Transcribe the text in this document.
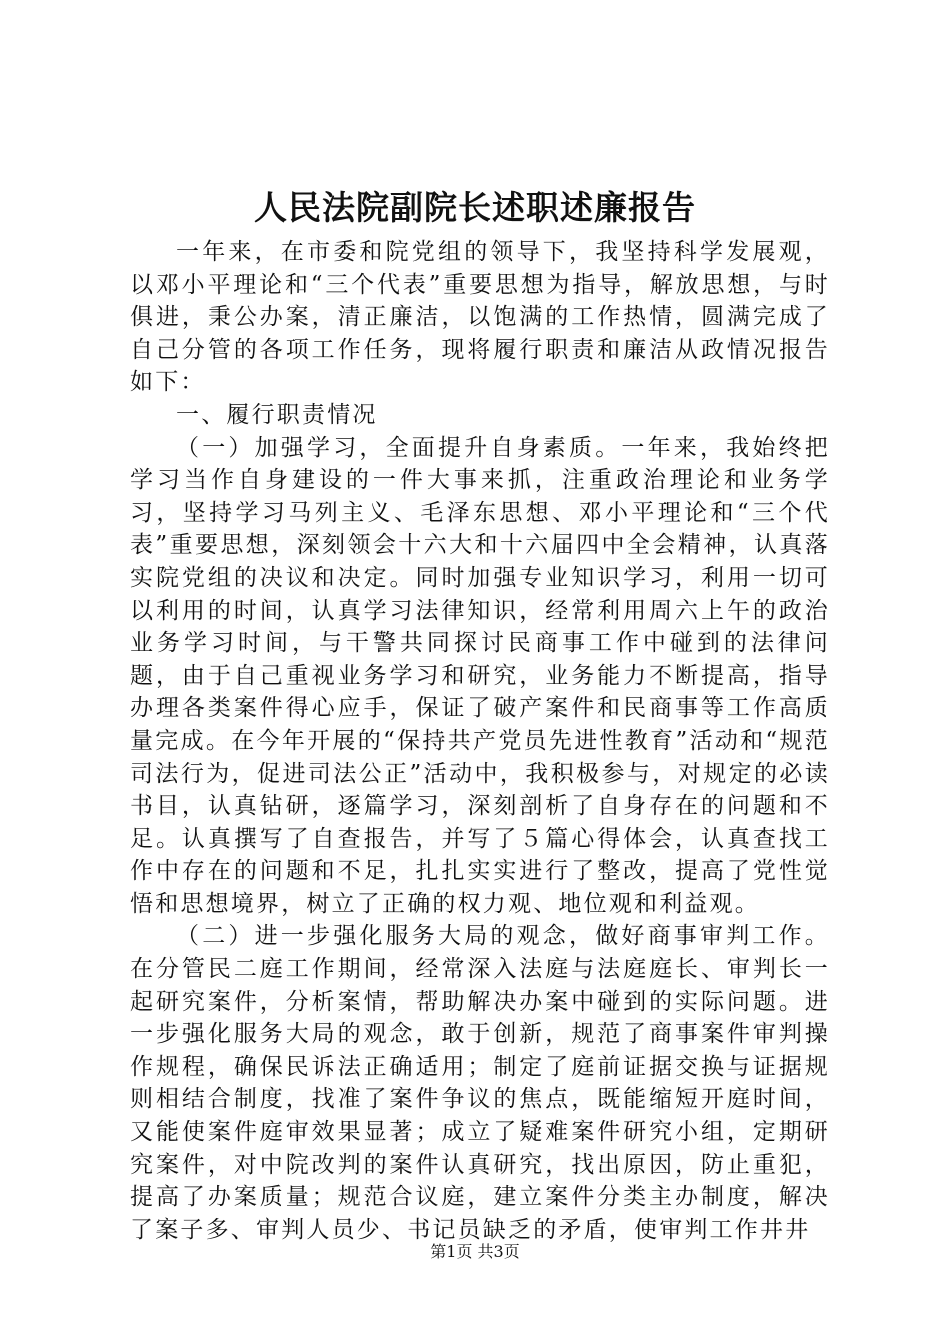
人民法院副院长述职述廉报告

一年来，在市委和院党组的领导下，我坚持科学发展观，以邓小平理论和“三个代表”重要思想为指导，解放思想，与时俱进，秉公办案，清正廉洁，以饱满的工作热情，圆满完成了自己分管的各项工作任务，现将履行职责和廉洁从政情况报告如下：

一、履行职责情况

（一）加强学习，全面提升自身素质。一年来，我始终把学习当作自身建设的一件大事来抓，注重政治理论和业务学习，坚持学习马列主义、毛泽东思想、邓小平理论和“三个代表”重要思想，深刻领会十六大和十六届四中全会精神，认真落实院党组的决议和决定。同时加强专业知识学习，利用一切可以利用的时间，认真学习法律知识，经常利用周六上午的政治业务学习时间，与干警共同探讨民商事工作中碰到的法律问题，由于自己重视业务学习和研究，业务能力不断提高，指导办理各类案件得心应手，保证了破产案件和民商事等工作高质量完成。在今年开展的“保持共产党员先进性教育”活动和“规范司法行为，促进司法公正”活动中，我积极参与，对规定的必读书目，认真钻研，逐篇学习，深刻剖析了自身存在的问题和不足。认真撰写了自查报告，并写了５篇心得体会，认真查找工作中存在的问题和不足，扎扎实实进行了整改，提高了党性觉悟和思想境界，树立了正确的权力观、地位观和利益观。

（二）进一步强化服务大局的观念，做好商事审判工作。在分管民二庭工作期间，经常深入法庭与法庭庭长、审判长一起研究案件，分析案情，帮助解决办案中碰到的实际问题。进一步强化服务大局的观念，敢于创新，规范了商事案件审判操作规程，确保民诉法正确适用；制定了庭前证据交换与证据规则相结合制度，找准了案件争议的焦点，既能缩短开庭时间，又能使案件庭审效果显著；成立了疑难案件研究小组，定期研究案件，对中院改判的案件认真研究，找出原因，防止重犯，提高了办案质量；规范合议庭，建立案件分类主办制度，解决了案子多、审判人员少、书记员缺乏的矛盾，使审判工作井井

第1页 共3页
